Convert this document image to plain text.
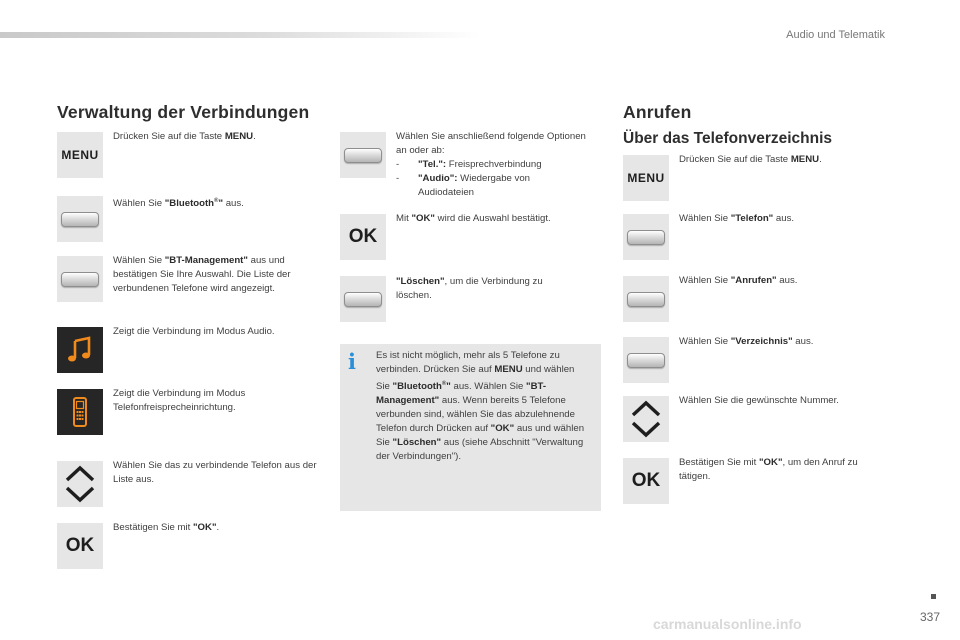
Audio und Telematik
Verwaltung der Verbindungen	Anrufen
Über das Telefonverzeichnis
Wählen Sie anschließend folgende Optionen an oder ab:
-	"Tel.": Freisprechverbindung
-	"Audio": Wiedergabe von Audiodateien
OK
Mit "OK" wird die Auswahl bestätigt.
"Löschen", um die Verbindung zu löschen.
i Es ist nicht möglich, mehr als 5 Telefone zu verbinden. Drücken Sie auf MENU und wählen Sie "Bluetooth®" aus. Wählen Sie "BT-Management" aus. Wenn bereits 5 Telefone verbunden sind, wählen Sie das abzulehnende Telefon durch Drücken auf "OK" aus und wählen Sie "Löschen" aus (siehe Abschnitt "Verwaltung der Verbindungen").
337
carmanualsonline.info
MENU
Drücken Sie auf die Taste MENU.
Wählen Sie "Bluetooth®" aus.
Wählen Sie "BT-Management" aus und bestätigen Sie Ihre Auswahl. Die Liste der verbundenen Telefone wird angezeigt.
Zeigt die Verbindung im Modus Audio.
Zeigt die Verbindung im Modus Telefonfreisprecheinrichtung.
Wählen Sie das zu verbindende Telefon aus der Liste aus.
OK
Bestätigen Sie mit "OK".
MENU
Drücken Sie auf die Taste MENU.
Wählen Sie "Telefon" aus.
Wählen Sie "Anrufen" aus.
Wählen Sie "Verzeichnis" aus.
Wählen Sie die gewünschte Nummer.
OK
Bestätigen Sie mit "OK", um den Anruf zu tätigen.
